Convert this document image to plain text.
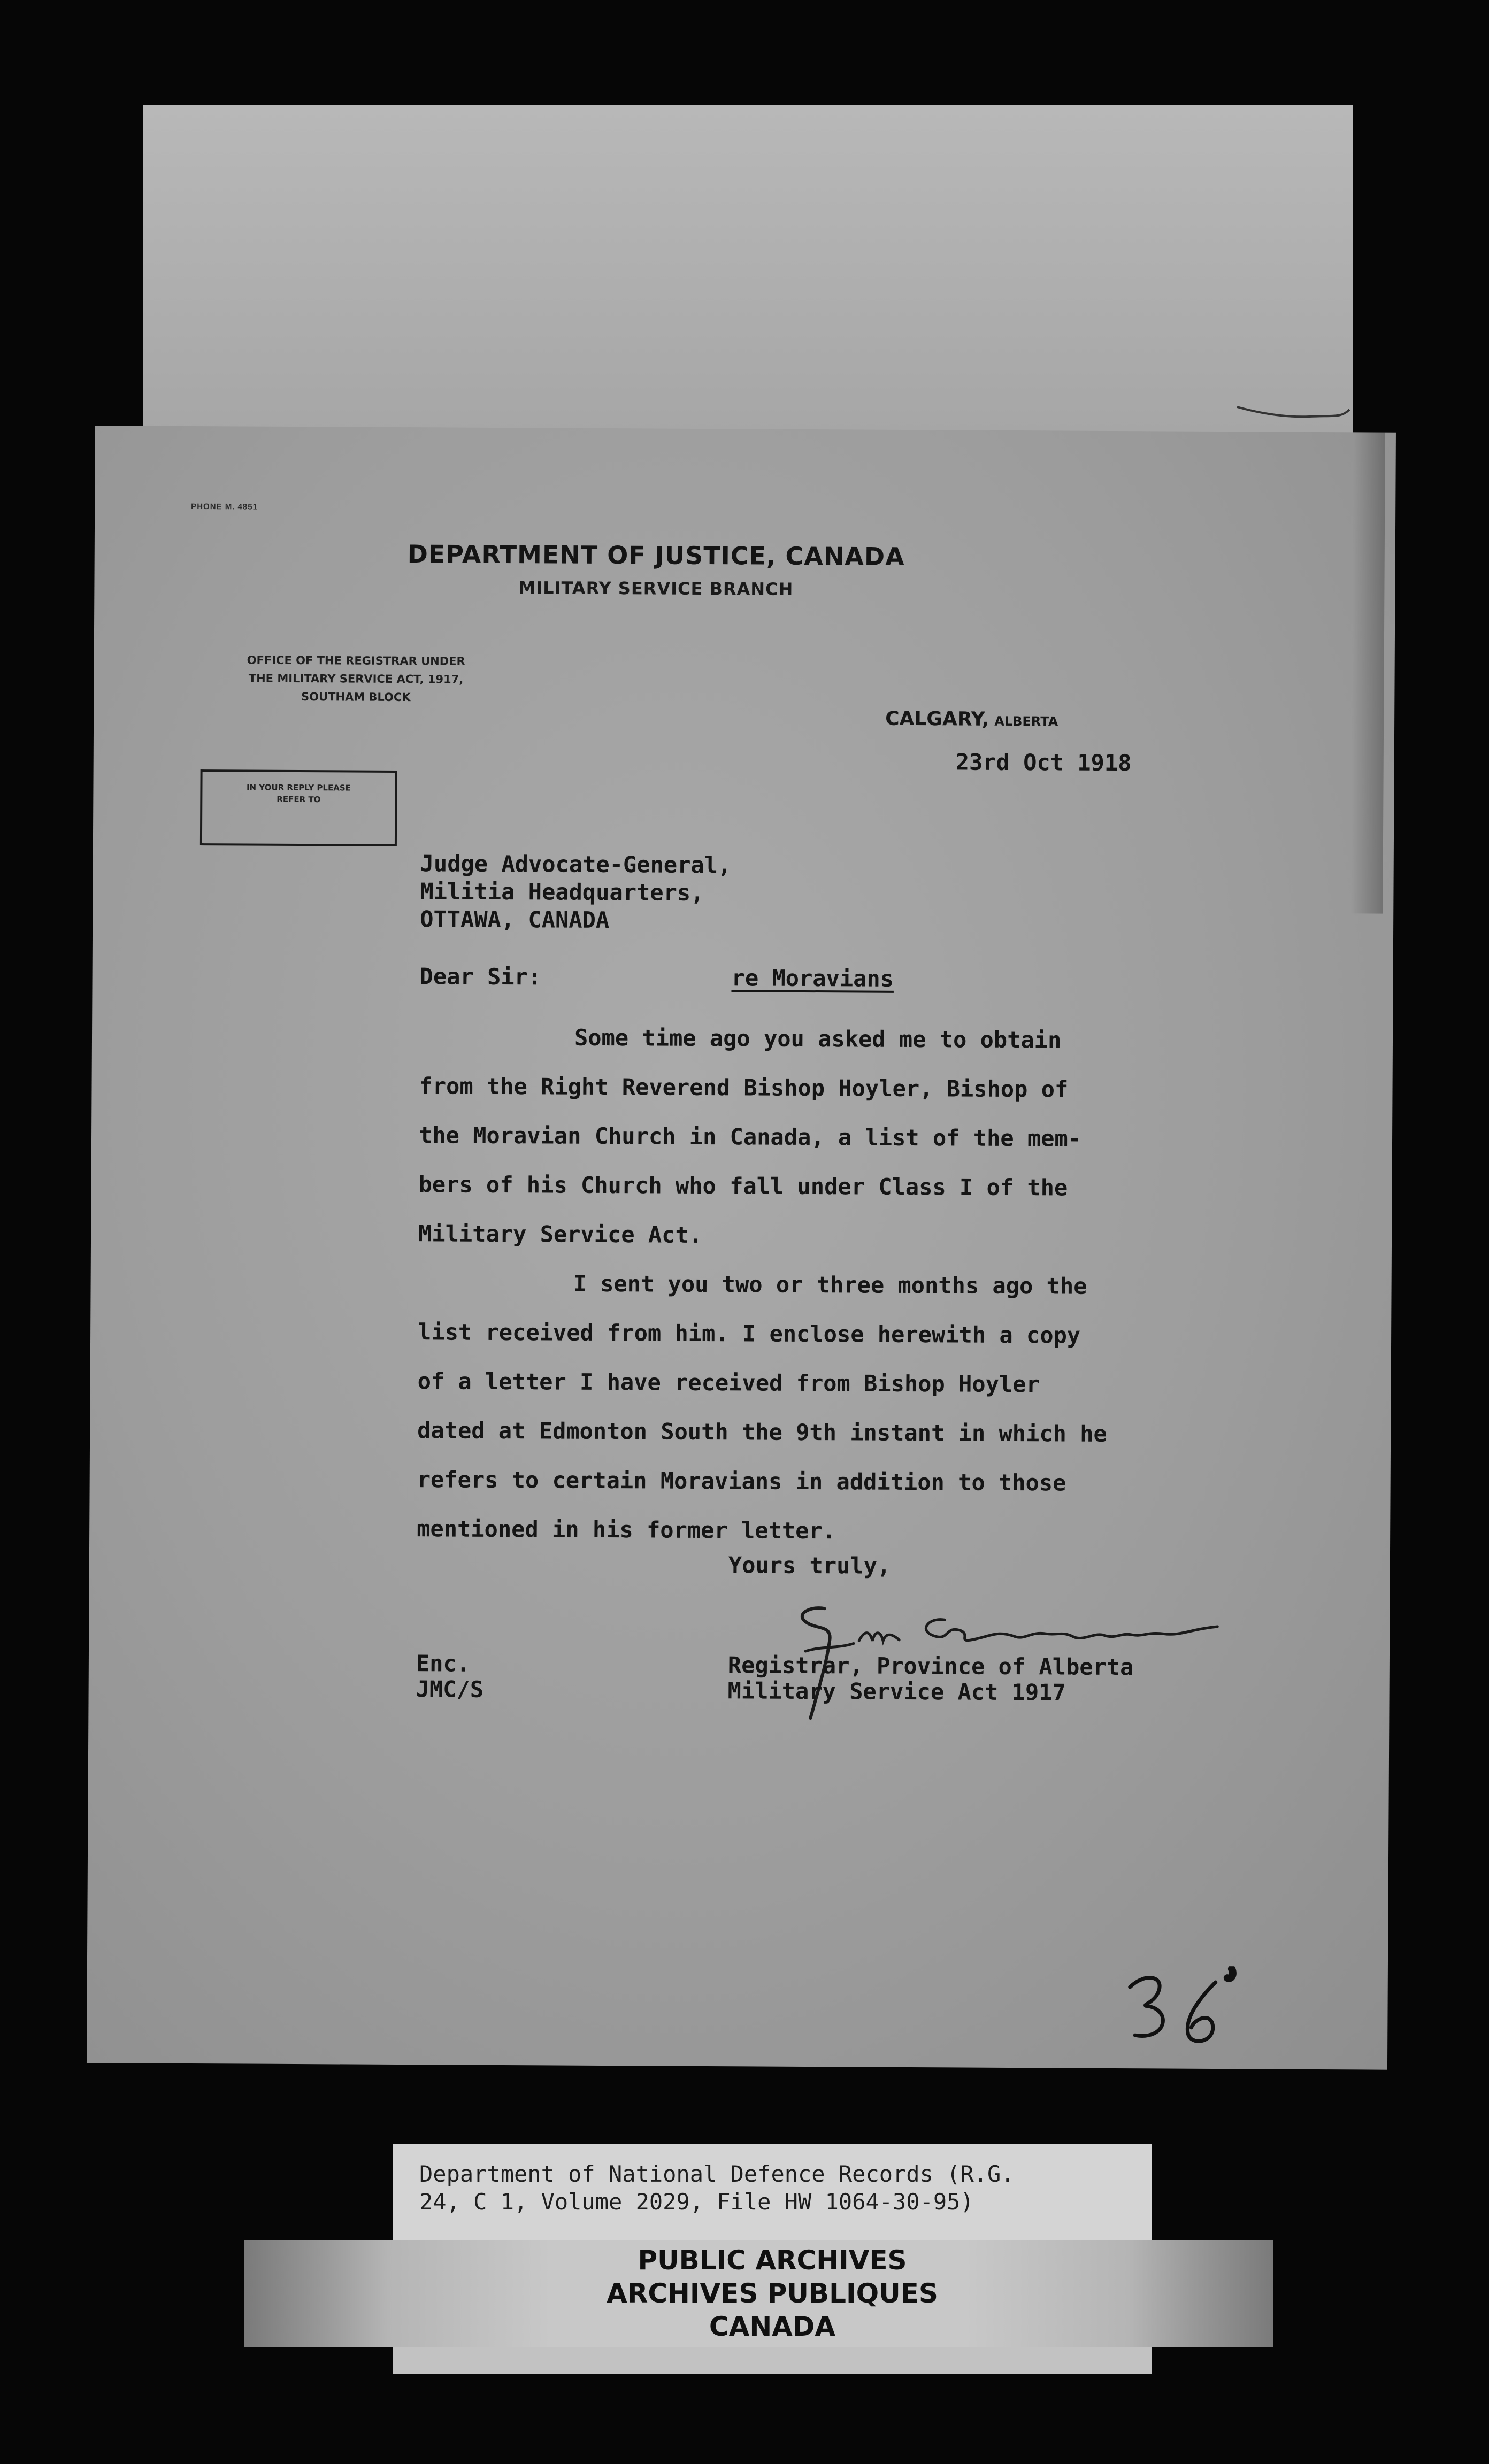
PHONE M. 4851
DEPARTMENT OF JUSTICE, CANADA
MILITARY SERVICE BRANCH
OFFICE OF THE REGISTRAR UNDER
THE MILITARY SERVICE ACT, 1917,
SOUTHAM BLOCK
IN YOUR REPLY PLEASE
REFER TO
CALGARY, ALBERTA
23rd Oct 1918
Judge Advocate-General,
Militia Headquarters,
OTTAWA, CANADA
Dear Sir:	re Moravians
Some time ago you asked me to obtain
from the Right Reverend Bishop Hoyler, Bishop of
the Moravian Church in Canada, a list of the mem-
bers of his Church who fall under Class I of the
Military Service Act.
I sent you two or three months ago the
list received from him. I enclose herewith a copy
of a letter I have received from Bishop Hoyler
dated at Edmonton South the 9th instant in which he
refers to certain Moravians in addition to those
mentioned in his former letter.
Yours truly,
Enc.
JMC/S
Registrar, Province of Alberta
Military Service Act 1917
Department of National Defence Records (R.G.
24, C 1, Volume 2029, File HW 1064-30-95)
PUBLIC ARCHIVES
ARCHIVES PUBLIQUES
CANADA
